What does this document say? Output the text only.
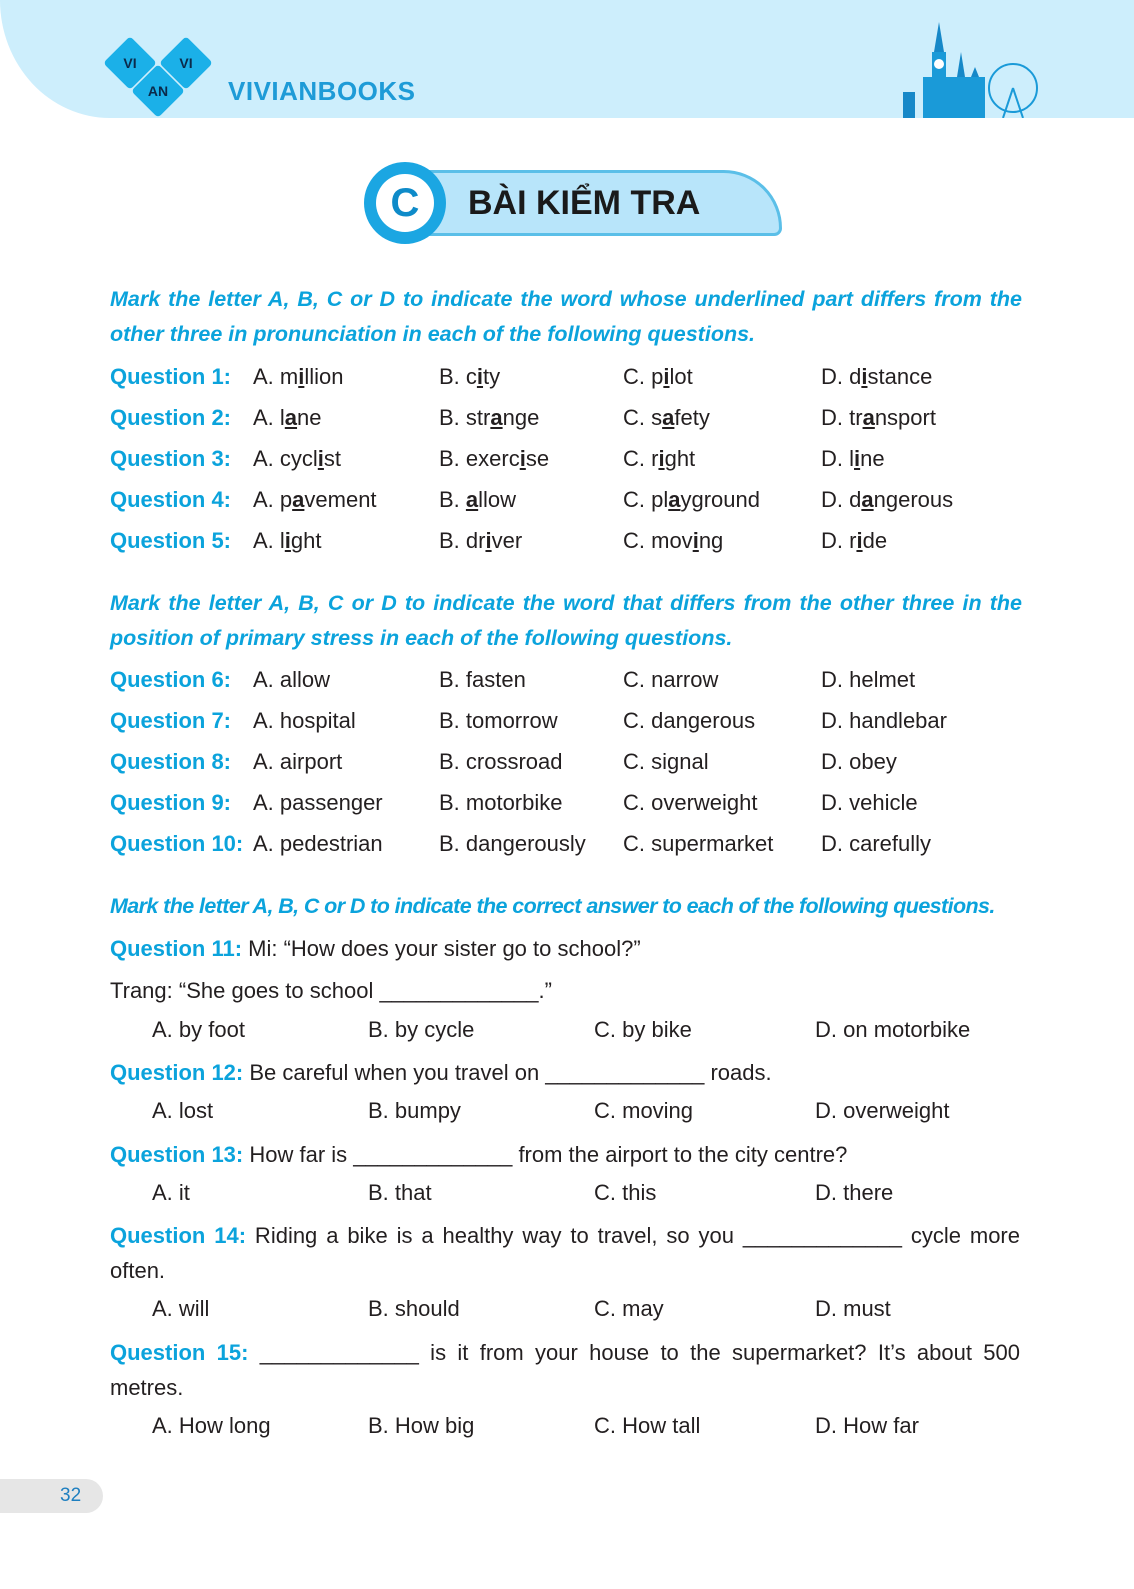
VI	VI
AN	VIVIANBOOKS
C	BÀI KIỂM TRA
Mark the letter A, B, C or D to indicate the word whose underlined part differs from the other three in pronunciation in each of the following questions.
Question 1: A. million	B. city	C. pilot	D. distance
Question 2: A. lane	B. strange	C. safety	D. transport
Question 3: A. cyclist	B. exercise	C. right	D. line
Question 4: A. pavement	B. allow	C. playground	D. dangerous
Question 5: A. light	B. driver	C. moving	D. ride
Mark the letter A, B, C or D to indicate the word that differs from the other three in the position of primary stress in each of the following questions.
Question 6: A. allow	B. fasten	C. narrow	D. helmet
Question 7: A. hospital	B. tomorrow	C. dangerous	D. handlebar
Question 8: A. airport	B. crossroad	C. signal	D. obey
Question 9: A. passenger	B. motorbike	C. overweight	D. vehicle
Question 10: A. pedestrian	B. dangerously C. supermarket D. carefully
Mark the letter A, B, C or D to indicate the correct answer to each of the following questions.
Question 11: Mi: “How does your sister go to school?”
Trang: “She goes to school _____________.”
A. by foot	B. by cycle	C. by bike	D. on motorbike
Question 12: Be careful when you travel on _____________ roads.
A. lost	B. bumpy	C. moving	D. overweight
Question 13: How far is _____________ from the airport to the city centre?
A. it	B. that	C. this	D. there
Question 14: Riding a bike is a healthy way to travel, so you _____________ cycle more often.
A. will	B. should	C. may	D. must
Question 15: _____________ is it from your house to the supermarket? It’s about 500 metres.
A. How long	B. How big	C. How tall	D. How far
32
